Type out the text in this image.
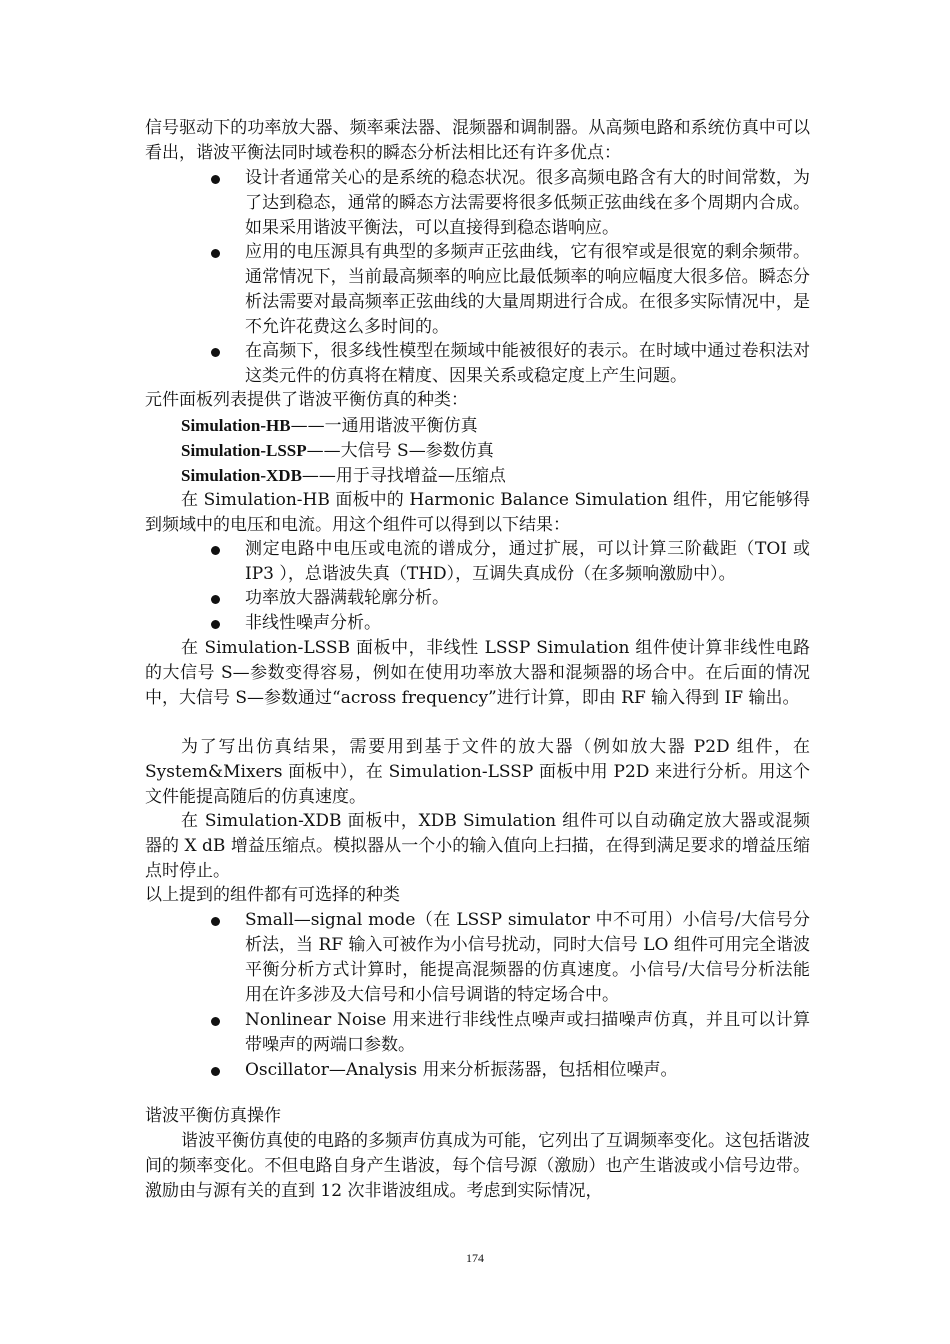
信号驱动下的功率放大器、频率乘法器、混频器和调制器。从高频电路和系统仿真中可以看出，谐波平衡法同时域卷积的瞬态分析法相比还有许多优点：

设计者通常关心的是系统的稳态状况。很多高频电路含有大的时间常数，为了达到稳态，通常的瞬态方法需要将很多低频正弦曲线在多个周期内合成。如果采用谐波平衡法，可以直接得到稳态谐响应。
应用的电压源具有典型的多频声正弦曲线，它有很窄或是很宽的剩余频带。通常情况下，当前最高频率的响应比最低频率的响应幅度大很多倍。瞬态分析法需要对最高频率正弦曲线的大量周期进行合成。在很多实际情况中，是不允许花费这么多时间的。
在高频下，很多线性模型在频域中能被很好的表示。在时域中通过卷积法对这类元件的仿真将在精度、因果关系或稳定度上产生问题。

元件面板列表提供了谐波平衡仿真的种类：

Simulation-HB——一通用谐波平衡仿真

Simulation-LSSP——大信号 S—参数仿真

Simulation-XDB——用于寻找增益—压缩点

在 Simulation-HB 面板中的 Harmonic Balance Simulation 组件，用它能够得到频域中的电压和电流。用这个组件可以得到以下结果：

测定电路中电压或电流的谱成分，通过扩展，可以计算三阶截距（TOI 或 IP3 ），总谐波失真（THD），互调失真成份（在多频响激励中）。
功率放大器满载轮廓分析。
非线性噪声分析。

在 Simulation-LSSB 面板中，非线性 LSSP Simulation 组件使计算非线性电路的大信号 S—参数变得容易，例如在使用功率放大器和混频器的场合中。在后面的情况中，大信号 S—参数通过“across frequency”进行计算，即由 RF 输入得到 IF 输出。

为了写出仿真结果，需要用到基于文件的放大器（例如放大器 P2D 组件，在 System&Mixers 面板中），在 Simulation-LSSP 面板中用 P2D 来进行分析。用这个文件能提高随后的仿真速度。

在 Simulation-XDB 面板中，XDB Simulation 组件可以自动确定放大器或混频器的 X dB 增益压缩点。模拟器从一个小的输入值向上扫描，在得到满足要求的增益压缩点时停止。

以上提到的组件都有可选择的种类

Small—signal mode（在 LSSP simulator 中不可用）小信号/大信号分析法，当 RF 输入可被作为小信号扰动，同时大信号 LO 组件可用完全谐波平衡分析方式计算时，能提高混频器的仿真速度。小信号/大信号分析法能用在许多涉及大信号和小信号调谐的特定场合中。
Nonlinear Noise 用来进行非线性点噪声或扫描噪声仿真，并且可以计算带噪声的两端口参数。
Oscillator—Analysis 用来分析振荡器，包括相位噪声。

谐波平衡仿真操作

谐波平衡仿真使的电路的多频声仿真成为可能，它列出了互调频率变化。这包括谐波间的频率变化。不但电路自身产生谐波，每个信号源（激励）也产生谐波或小信号边带。激励由与源有关的直到 12 次非谐波组成。考虑到实际情况，

174
